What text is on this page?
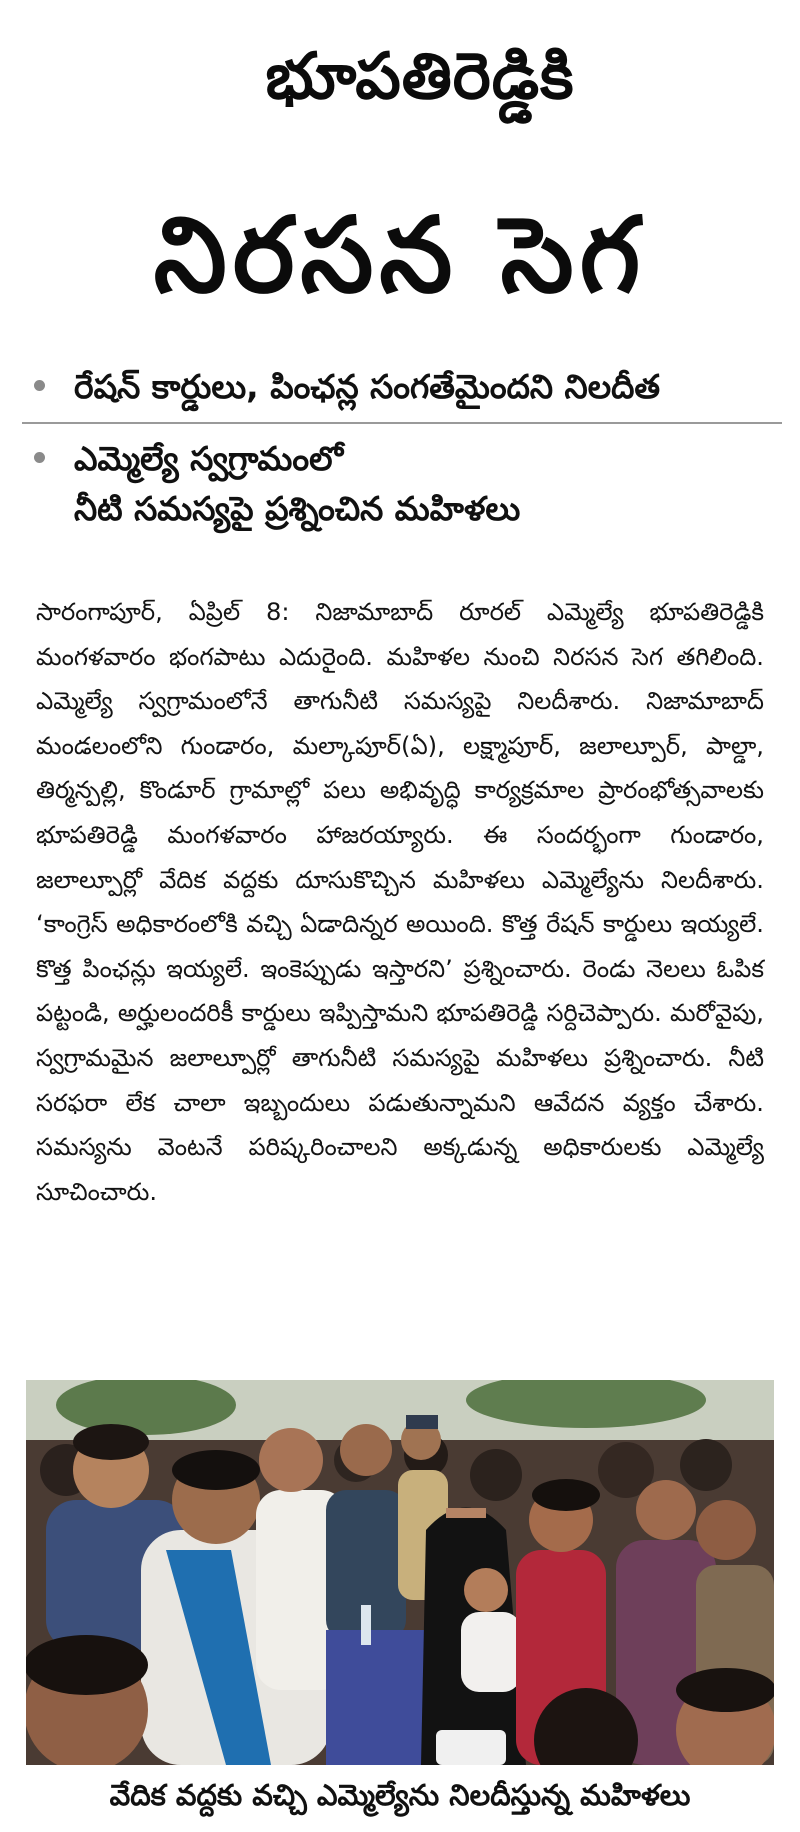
భూపతిరెడ్డికి
నిరసన సెగ
రేషన్ కార్డులు, పింఛన్ల సంగతేమైందని నిలదీత
ఎమ్మెల్యే స్వగ్రామంలో
నీటి సమస్యపై ప్రశ్నించిన మహిళలు
సారంగాపూర్, ఏప్రిల్ 8: నిజామాబాద్ రూరల్ ఎమ్మెల్యే భూపతిరెడ్డికి మంగళవారం భంగపాటు ఎదురైంది. మహిళల నుంచి నిరసన సెగ తగిలింది. ఎమ్మెల్యే స్వగ్రామంలోనే తాగునీటి సమస్యపై నిలదీశారు. నిజామాబాద్ మండలంలోని గుండారం, మల్కాపూర్(ఏ), లక్ష్మాపూర్, జలాల్పూర్, పాల్డా, తిర్మన్పల్లి, కొండూర్ గ్రామాల్లో పలు అభివృద్ధి కార్యక్రమాల ప్రారంభోత్సవాలకు భూపతిరెడ్డి మంగళవారం హాజరయ్యారు. ఈ సందర్భంగా గుండారం, జలాల్పూర్లో వేదిక వద్దకు దూసుకొచ్చిన మహిళలు ఎమ్మెల్యేను నిలదీశారు. ‘కాంగ్రెస్ అధికారంలోకి వచ్చి ఏడాదిన్నర అయింది. కొత్త రేషన్ కార్డులు ఇయ్యలే. కొత్త పింఛన్లు ఇయ్యలే. ఇంకెప్పుడు ఇస్తారని’ ప్రశ్నించారు. రెండు నెలలు ఓపిక పట్టండి, అర్హులందరికీ కార్డులు ఇప్పిస్తామని భూపతిరెడ్డి సర్దిచెప్పారు. మరోవైపు, స్వగ్రామమైన జలాల్పూర్లో తాగునీటి సమస్యపై మహిళలు ప్రశ్నించారు. నీటి సరఫరా లేక చాలా ఇబ్బందులు పడుతున్నామని ఆవేదన వ్యక్తం చేశారు. సమస్యను వెంటనే పరిష్కరించాలని అక్కడున్న అధికారులకు ఎమ్మెల్యే సూచించారు.
వేదిక వద్దకు వచ్చి ఎమ్మెల్యేను నిలదీస్తున్న మహిళలు
